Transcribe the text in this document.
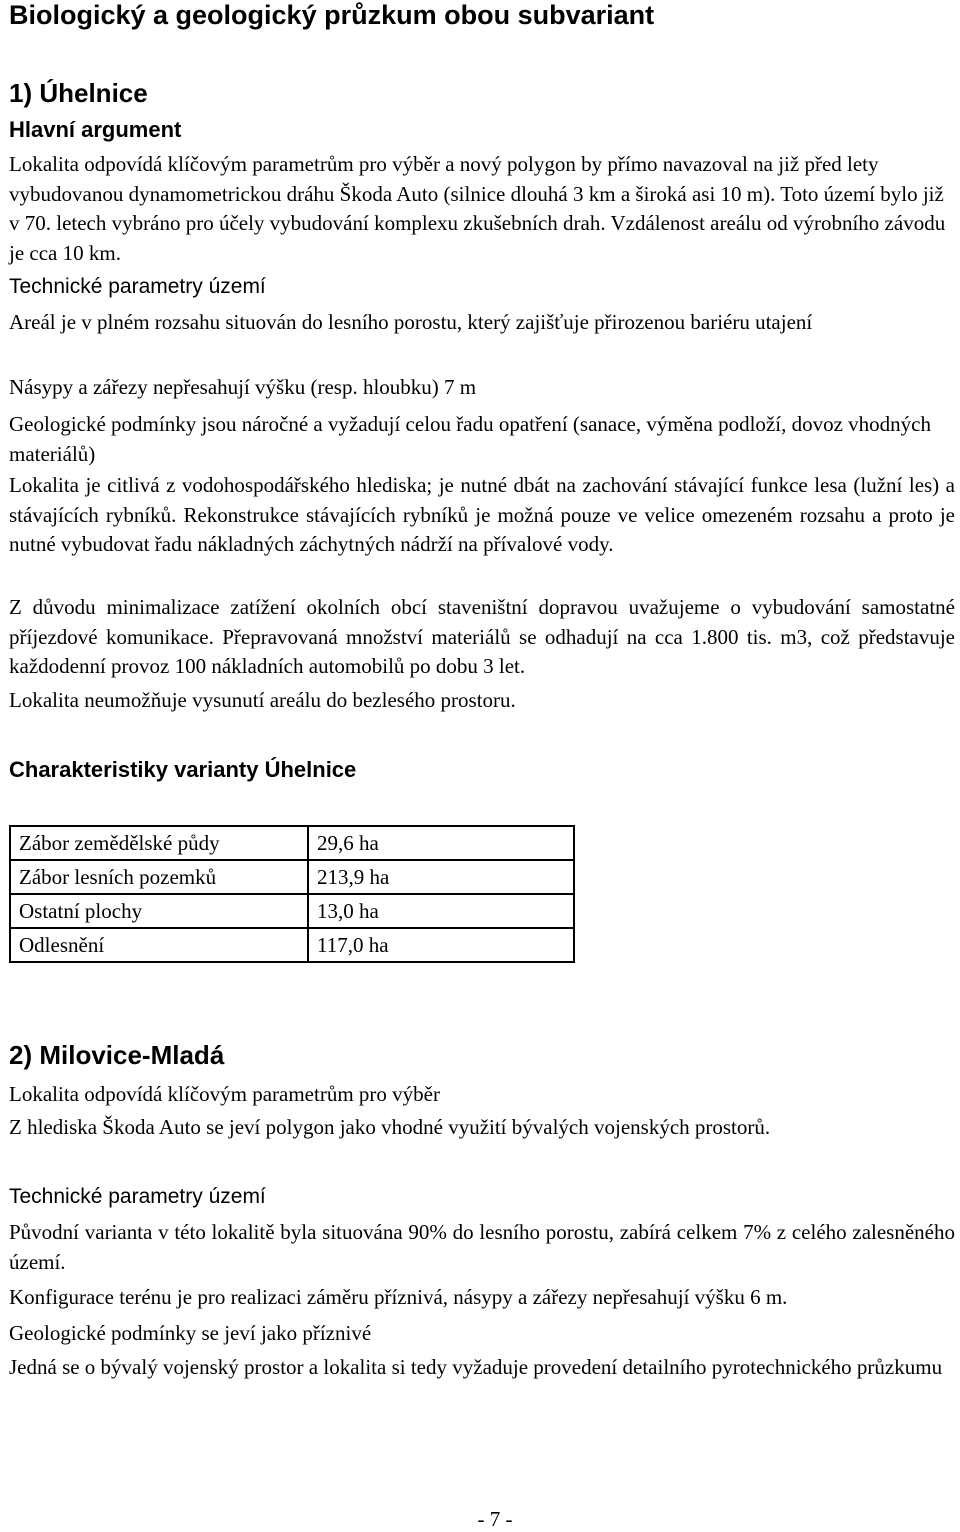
Biologický a geologický průzkum obou subvariant
1) Úhelnice
Hlavní argument
Lokalita odpovídá klíčovým parametrům pro výběr a nový polygon by přímo navazoval na již před lety vybudovanou dynamometrickou dráhu Škoda Auto (silnice dlouhá 3 km a široká asi 10 m). Toto území bylo již v 70. letech vybráno pro účely vybudování komplexu zkušebních drah. Vzdálenost areálu od výrobního závodu je cca 10 km.
Technické parametry území
Areál je v plném rozsahu situován do lesního porostu, který zajišťuje přirozenou bariéru utajení
Násypy a zářezy nepřesahují výšku (resp. hloubku) 7 m
Geologické podmínky jsou náročné a vyžadují celou řadu opatření (sanace, výměna podloží, dovoz vhodných materiálů)
Lokalita je citlivá z vodohospodářského hlediska; je nutné dbát na zachování stávající funkce lesa (lužní les) a stávajících rybníků. Rekonstrukce stávajících rybníků je možná pouze ve velice omezeném rozsahu a proto je nutné vybudovat řadu nákladných záchytných nádrží na přívalové vody.
Z důvodu minimalizace zatížení okolních obcí staveništní dopravou uvažujeme o vybudování samostatné příjezdové komunikace. Přepravovaná množství materiálů se odhadují na cca 1.800 tis. m3, což představuje každodenní provoz 100 nákladních automobilů po dobu 3 let.
Lokalita neumožňuje vysunutí areálu do bezlesého prostoru.
Charakteristiky varianty Úhelnice
Zábor zemědělské půdy	29,6 ha
Zábor lesních pozemků	213,9 ha
Ostatní plochy	13,0 ha
Odlesnění	117,0 ha
2) Milovice-Mladá
Lokalita odpovídá klíčovým parametrům pro výběr
Z hlediska Škoda Auto se jeví polygon jako vhodné využití bývalých vojenských prostorů.
Technické parametry území
Původní varianta v této lokalitě byla situována 90% do lesního porostu, zabírá celkem 7% z celého zalesněného území.
Konfigurace terénu je pro realizaci záměru příznivá, násypy a zářezy nepřesahují výšku 6 m.
Geologické podmínky se jeví jako příznivé
Jedná se o bývalý vojenský prostor a lokalita si tedy vyžaduje provedení detailního pyrotechnického průzkumu
- 7 -
